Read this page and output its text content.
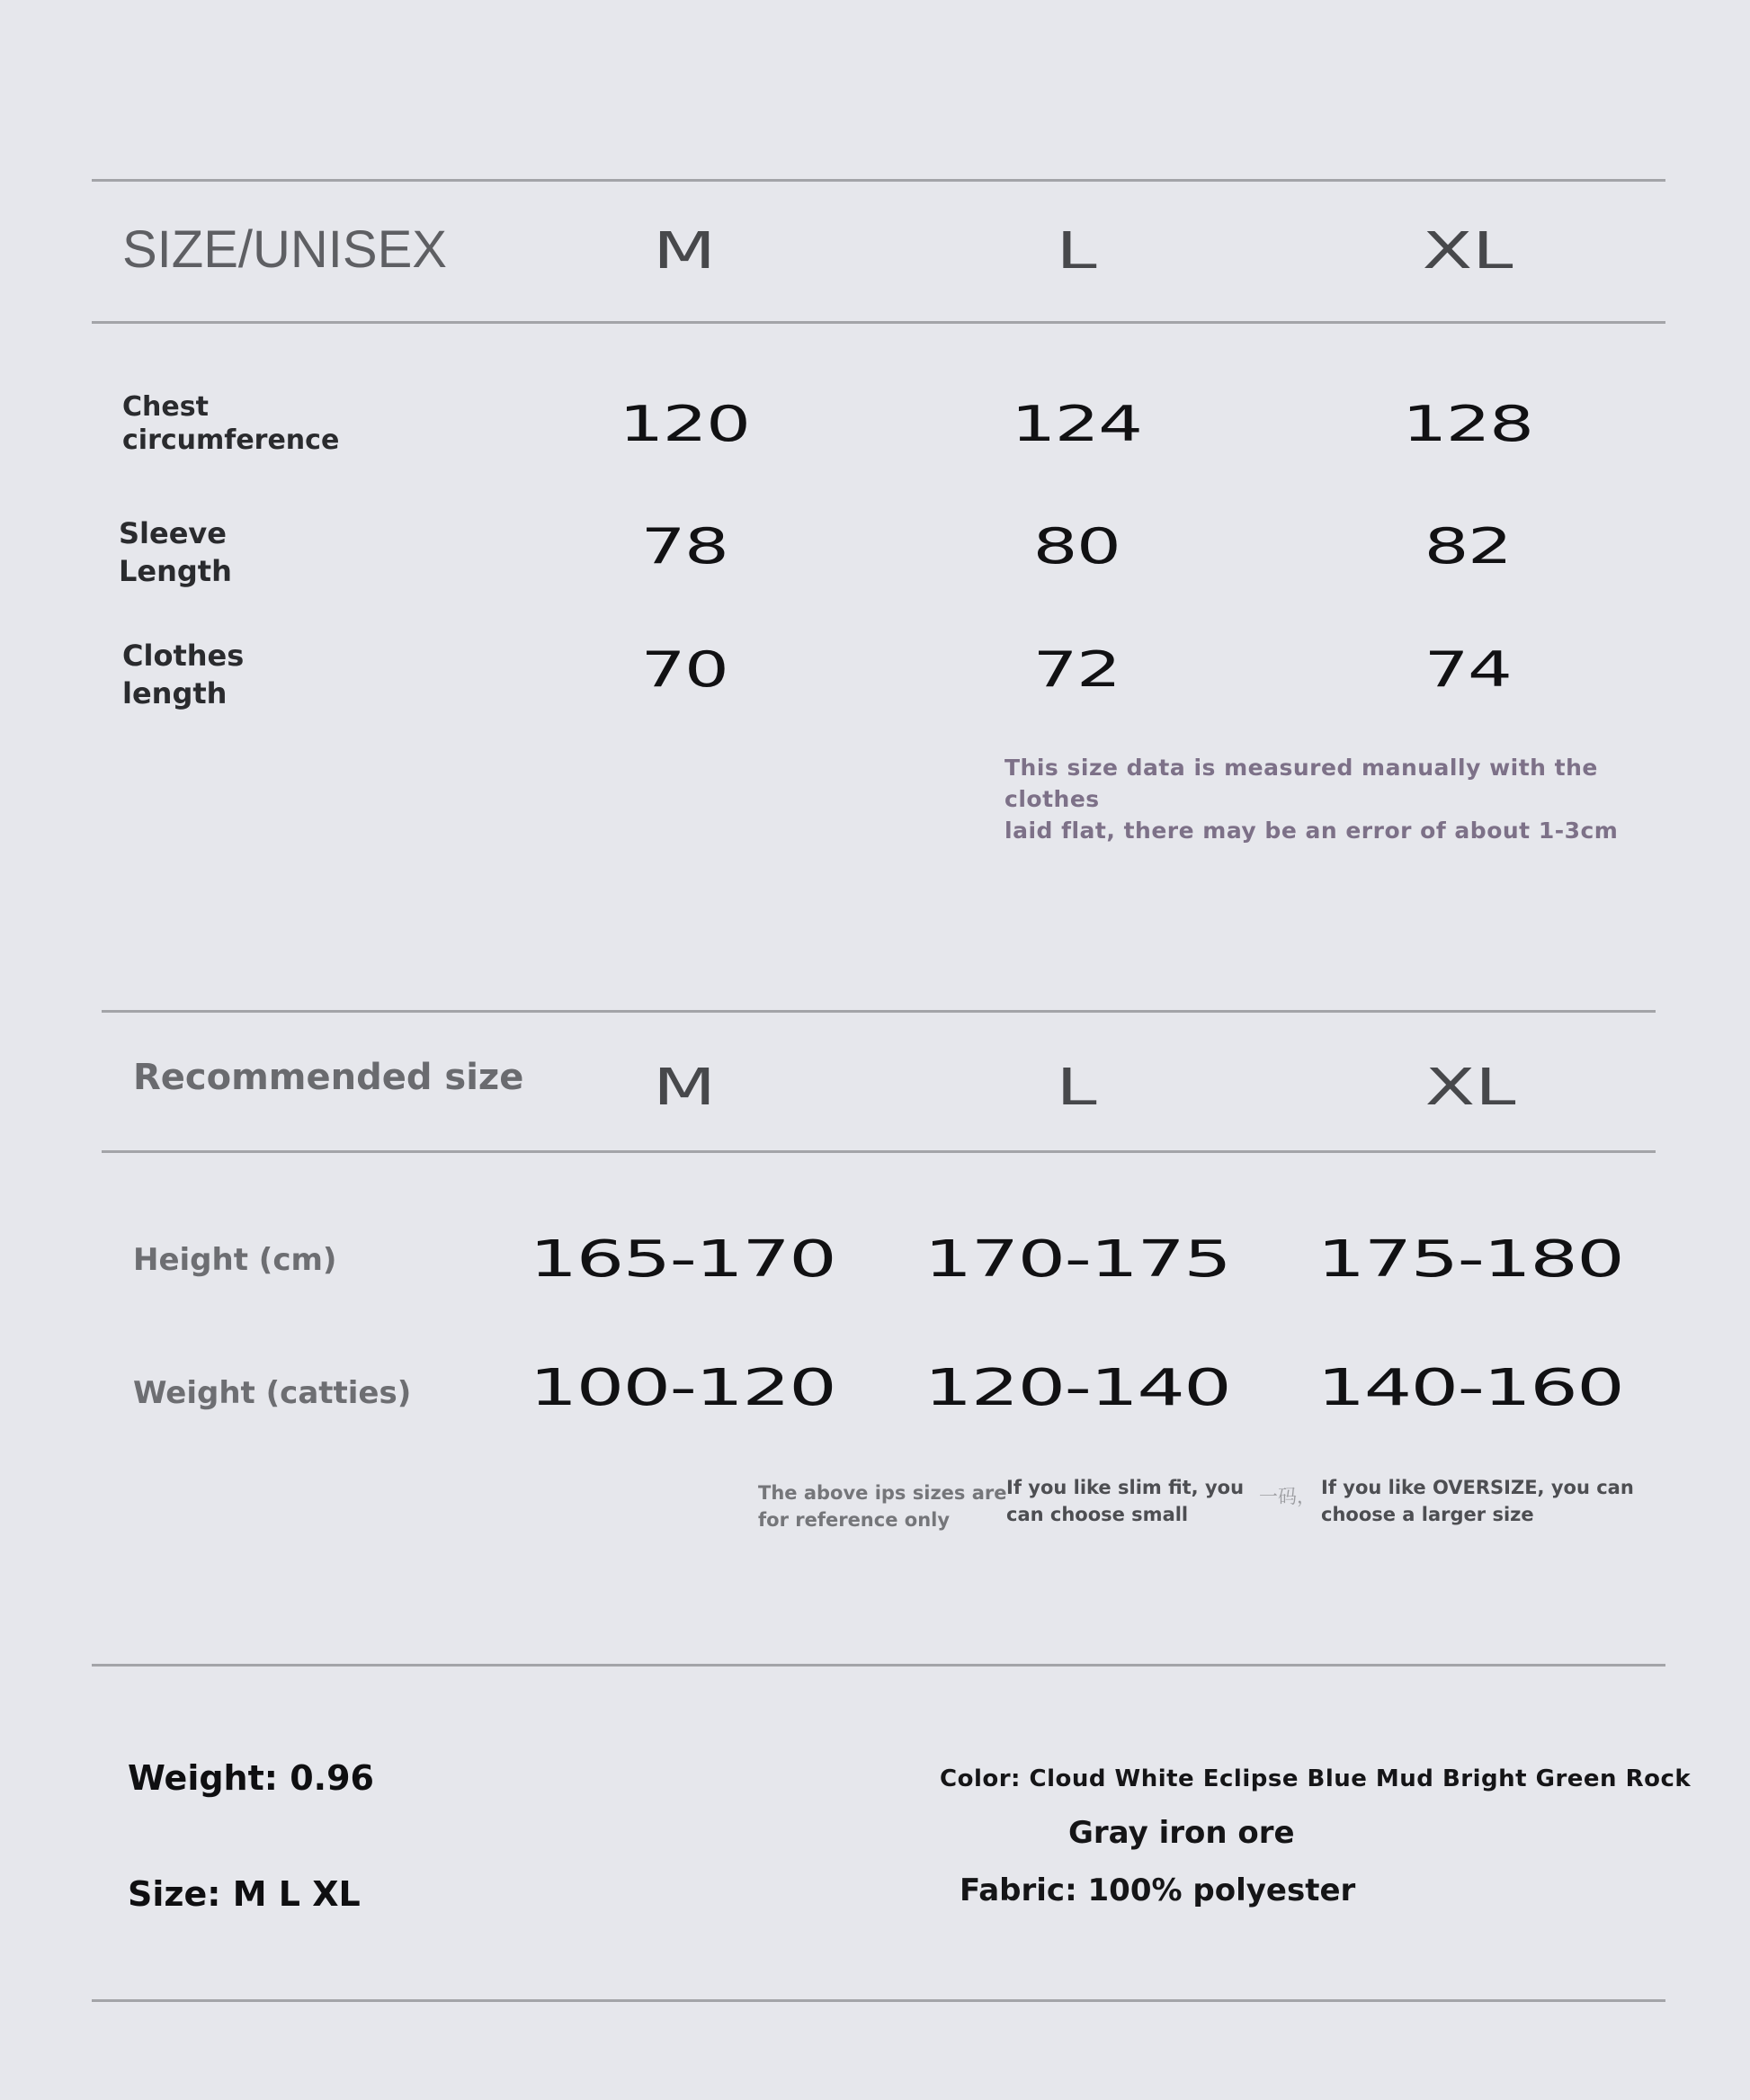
SIZE/UNISEX	M	L	XL
Chest
circumference	120	124	128
Sleeve
Length	78	80	82
Clothes
length	70	72	74
This size data is measured manually with the clothes
laid flat, there may be an error of about 1-3cm
Recommended size	M	L	XL
Height (cm)	165-170	170-175	175-180
Weight (catties)	100-120	120-140	140-160
The above ips sizes are
for reference only
If you like slim fit, you
can choose small
一码， If you like OVERSIZE, you can
choose a larger size
Weight: 0.96
Size: M L XL
Color: Cloud White Eclipse Blue Mud Bright Green Rock
Gray iron ore
Fabric: 100% polyester
